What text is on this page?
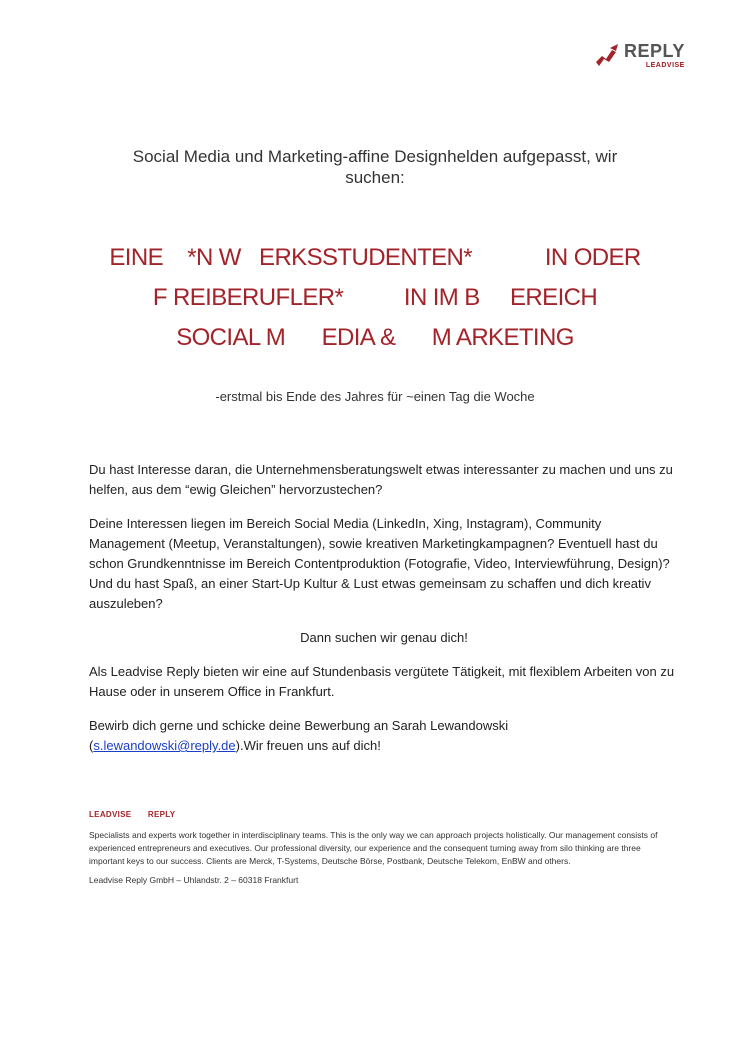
REPLY
LEADVISE
Social Media und Marketing-affine Designhelden aufgepasst, wir
suchen:
EINE    *N W   ERKSSTUDENTEN*            IN ODER
F REIBERUFLER*          IN IM B     EREICH
SOCIAL M      EDIA &      M ARKETING
-erstmal bis Ende des Jahres für ~einen Tag die Woche

Du hast Interesse daran, die Unternehmensberatungswelt etwas interessanter zu machen und uns zu helfen, aus dem “ewig Gleichen” hervorzustechen?

Deine Interessen liegen im Bereich Social Media (LinkedIn, Xing, Instagram), Community Management (Meetup, Veranstaltungen), sowie kreativen Marketingkampagnen? Eventuell hast du schon Grundkenntnisse im Bereich Contentproduktion (Fotografie, Video, Interviewführung, Design)? Und du hast Spaß, an einer Start-Up Kultur & Lust etwas gemeinsam zu schaffen und dich kreativ auszuleben?

Dann suchen wir genau dich!

Als Leadvise Reply bieten wir eine auf Stundenbasis vergütete Tätigkeit, mit flexiblem Arbeiten von zu Hause oder in unserem Office in Frankfurt.

Bewirb dich gerne und schicke deine Bewerbung an Sarah Lewandowski (s.lewandowski@reply.de).Wir freuen uns auf dich!

LEADVISE REPLY

Specialists and experts work together in interdisciplinary teams. This is the only way we can approach projects holistically. Our management consists of experienced entrepreneurs and executives. Our professional diversity, our experience and the consequent turning away from silo thinking are three important keys to our success. Clients are Merck, T-Systems, Deutsche Börse, Postbank, Deutsche Telekom, EnBW and others.

Leadvise Reply GmbH – Uhlandstr. 2 – 60318 Frankfurt
